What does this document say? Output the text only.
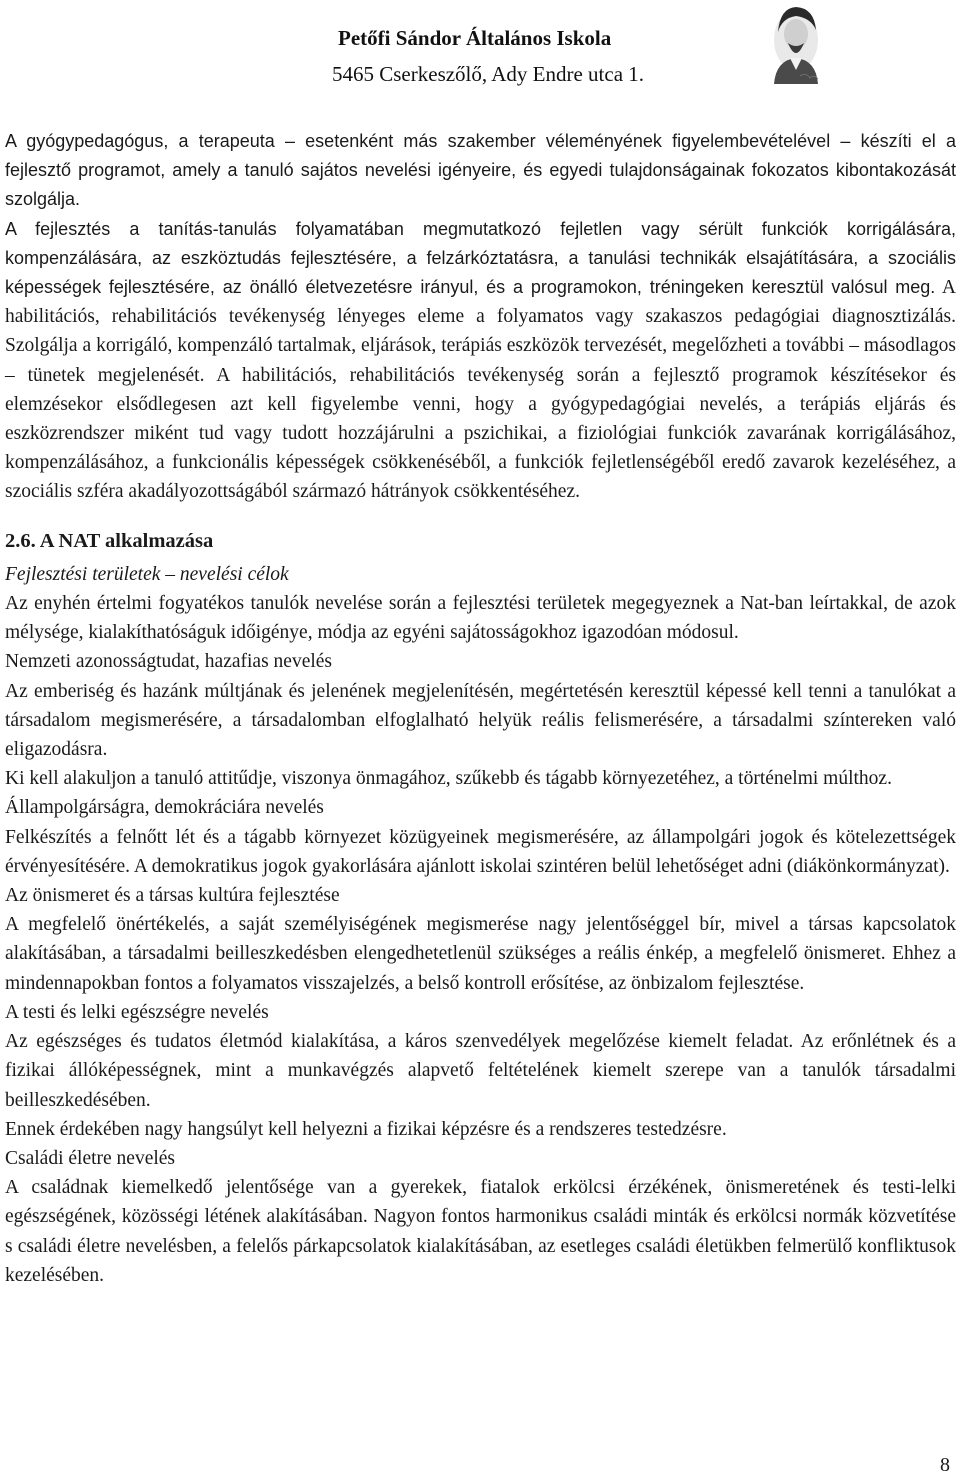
Petőfi Sándor Általános Iskola
5465 Cserkeszőlő, Ady Endre utca 1.

A gyógypedagógus, a terapeuta – esetenként más szakember véleményének figyelembevételével – készíti el a fejlesztő programot, amely a tanuló sajátos nevelési igényeire, és egyedi tulajdonságainak fokozatos kibontakozását szolgálja.

A fejlesztés a tanítás-tanulás folyamatában megmutatkozó fejletlen vagy sérült funkciók korrigálására, kompenzálására, az eszköztudás fejlesztésére, a felzárkóztatásra, a tanulási technikák elsajátítására, a szociális képességek fejlesztésére, az önálló életvezetésre irányul, és a programokon, tréningeken keresztül valósul meg. A habilitációs, rehabilitációs tevékenység lényeges eleme a folyamatos vagy szakaszos pedagógiai diagnosztizálás. Szolgálja a korrigáló, kompenzáló tartalmak, eljárások, terápiás eszközök tervezését, megelőzheti a további – másodlagos – tünetek megjelenését. A habilitációs, rehabilitációs tevékenység során a fejlesztő programok készítésekor és elemzésekor elsődlegesen azt kell figyelembe venni, hogy a gyógypedagógiai nevelés, a terápiás eljárás és eszközrendszer miként tud vagy tudott hozzájárulni a pszichikai, a fiziológiai funkciók zavarának korrigálásához, kompenzálásához, a funkcionális képességek csökkenéséből, a funkciók fejletlenségéből eredő zavarok kezeléséhez, a szociális szféra akadályozottságából származó hátrányok csökkentéséhez.

2.6. A NAT alkalmazása

Fejlesztési területek – nevelési célok

Az enyhén értelmi fogyatékos tanulók nevelése során a fejlesztési területek megegyeznek a Nat-ban leírtakkal, de azok mélysége, kialakíthatóságuk időigénye, módja az egyéni sajátosságokhoz igazodóan módosul.

Nemzeti azonosságtudat, hazafias nevelés

Az emberiség és hazánk múltjának és jelenének megjelenítésén, megértetésén keresztül képessé kell tenni a tanulókat a társadalom megismerésére, a társadalomban elfoglalható helyük reális felismerésére, a társadalmi színtereken való eligazodásra.

Ki kell alakuljon a tanuló attitűdje, viszonya önmagához, szűkebb és tágabb környezetéhez, a történelmi múlthoz.

Állampolgárságra, demokráciára nevelés

Felkészítés a felnőtt lét és a tágabb környezet közügyeinek megismerésére, az állampolgári jogok és kötelezettségek érvényesítésére. A demokratikus jogok gyakorlására ajánlott iskolai szintéren belül lehetőséget adni (diákönkormányzat).

Az önismeret és a társas kultúra fejlesztése

A megfelelő önértékelés, a saját személyiségének megismerése nagy jelentőséggel bír, mivel a társas kapcsolatok alakításában, a társadalmi beilleszkedésben elengedhetetlenül szükséges a reális énkép, a megfelelő önismeret. Ehhez a mindennapokban fontos a folyamatos visszajelzés, a belső kontroll erősítése, az önbizalom fejlesztése.

A testi és lelki egészségre nevelés

Az egészséges és tudatos életmód kialakítása, a káros szenvedélyek megelőzése kiemelt feladat. Az erőnlétnek és a fizikai állóképességnek, mint a munkavégzés alapvető feltételének kiemelt szerepe van a tanulók társadalmi beilleszkedésében.

Ennek érdekében nagy hangsúlyt kell helyezni a fizikai képzésre és a rendszeres testedzésre.

Családi életre nevelés

A családnak kiemelkedő jelentősége van a gyerekek, fiatalok erkölcsi érzékének, önismeretének és testi-lelki egészségének, közösségi létének alakításában. Nagyon fontos harmonikus családi minták és erkölcsi normák közvetítése s családi életre nevelésben, a felelős párkapcsolatok kialakításában, az esetleges családi életükben felmerülő konfliktusok kezelésében.

8
